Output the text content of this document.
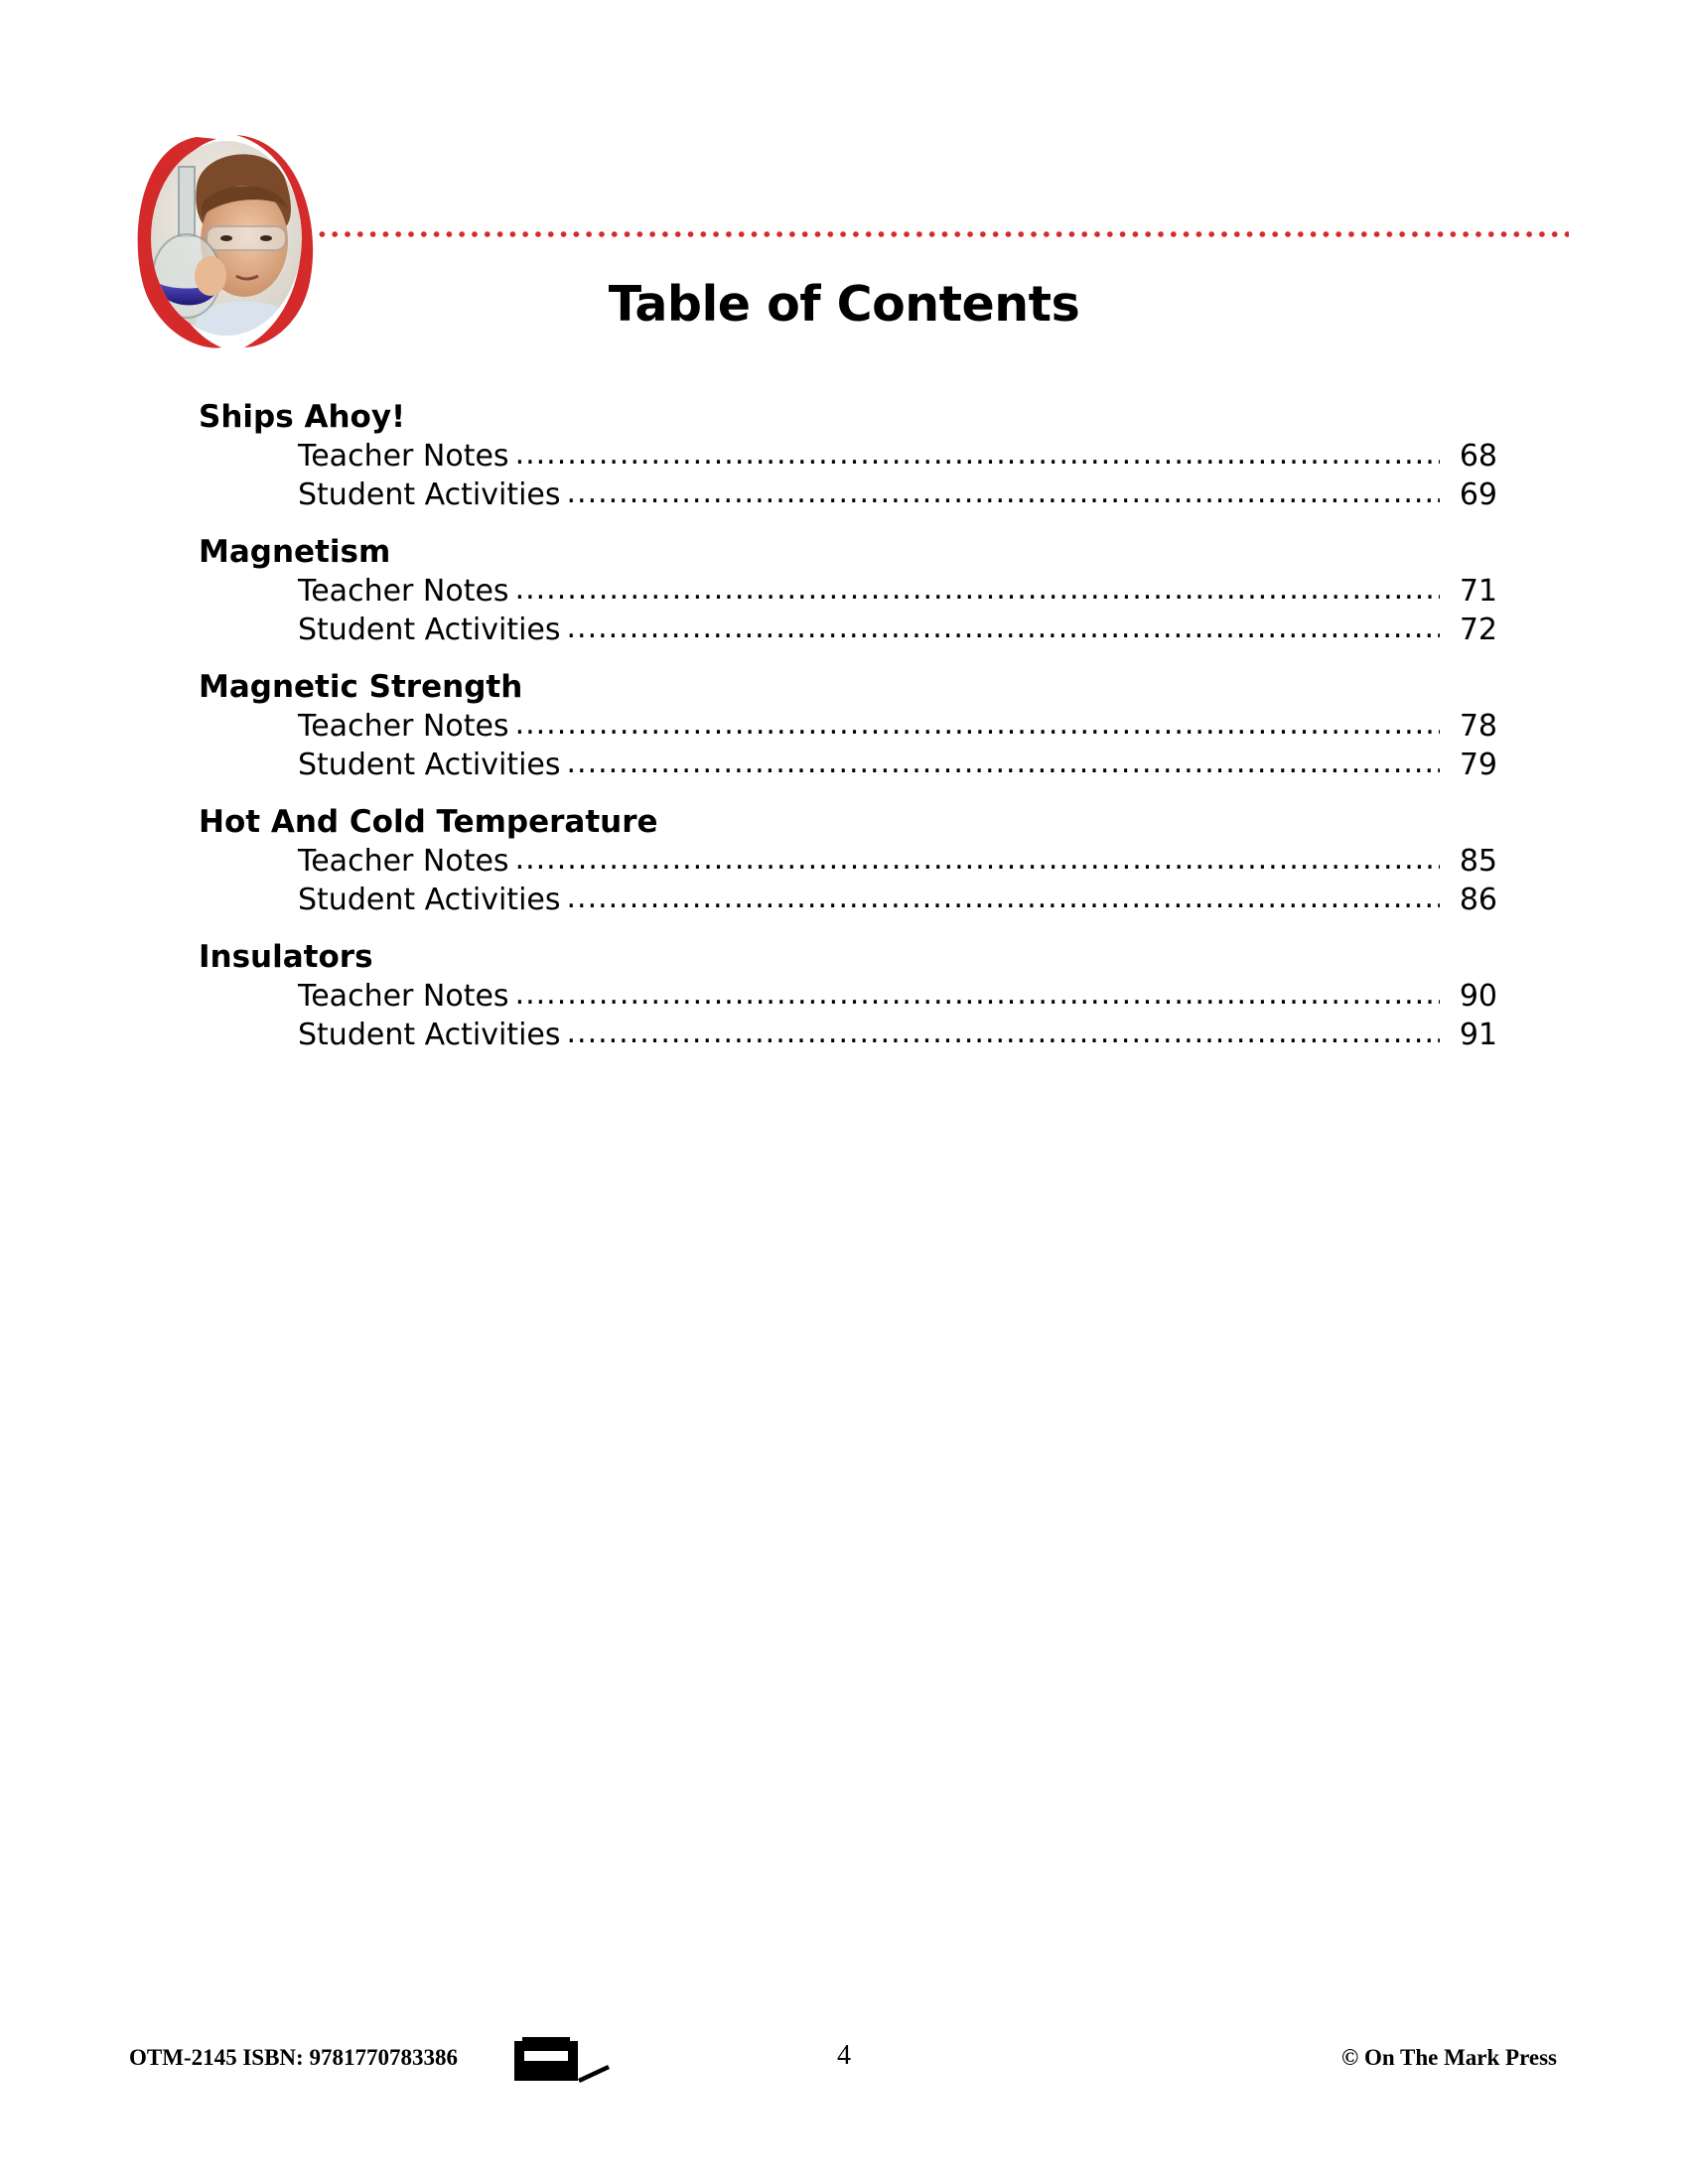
Table of Contents
Ships Ahoy!
Teacher Notes .....	68
Student Activities .....	69
Magnetism
Teacher Notes .....	71
Student Activities .....	72
Magnetic Strength
Teacher Notes .....	78
Student Activities .....	79
Hot And Cold Temperature
Teacher Notes .....	85
Student Activities .....	86
Insulators
Teacher Notes .....	90
Student Activities .....	91
OTM-2145 ISBN: 9781770783386	4	© On The Mark Press
